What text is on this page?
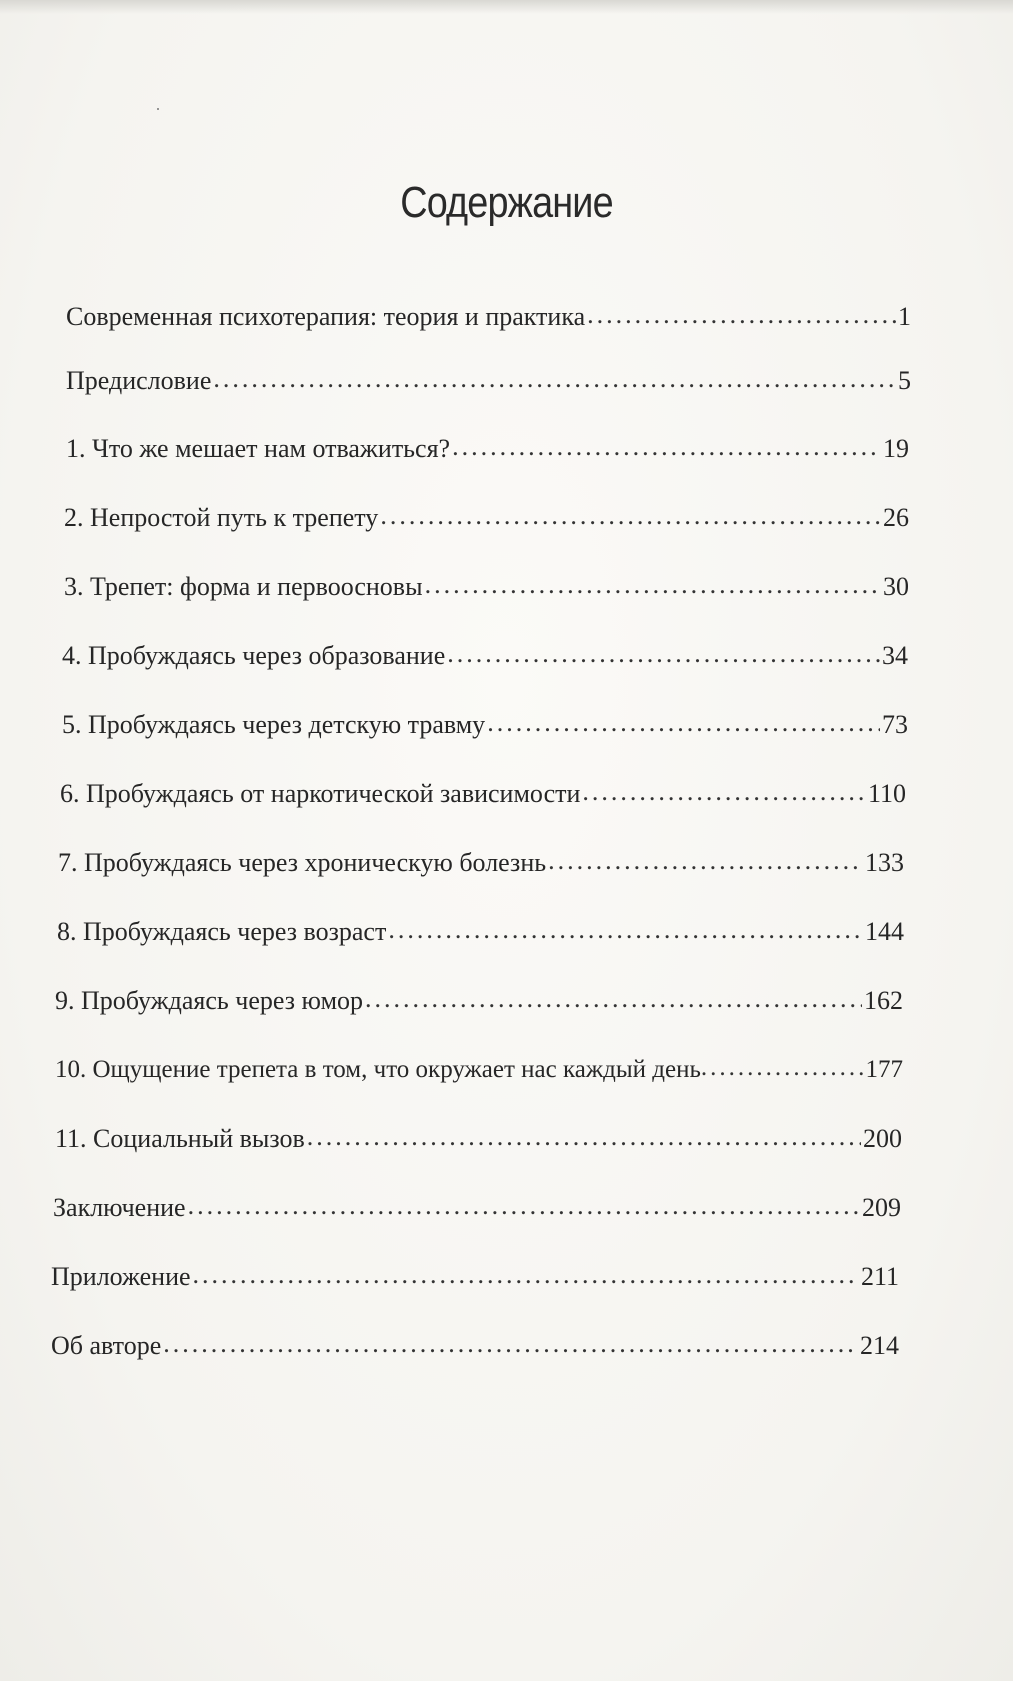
Содержание
Современная психотерапия: теория и практика .....	1
Предисловие .....	5
1. Что же мешает нам отважиться? .....	19
2. Непростой путь к трепету .....	26
3. Трепет: форма и первоосновы .....	30
4. Пробуждаясь через образование .....	34
5. Пробуждаясь через детскую травму .....	73
6. Пробуждаясь от наркотической зависимости .....	110
7. Пробуждаясь через хроническую болезнь .....	133
8. Пробуждаясь через возраст .....	144
9. Пробуждаясь через юмор .....	162
10. Ощущение трепета в том, что окружает нас каждый день .....	177
11. Социальный вызов .....	200
Заключение .....	209
Приложение .....	211
Об авторе .....	214
